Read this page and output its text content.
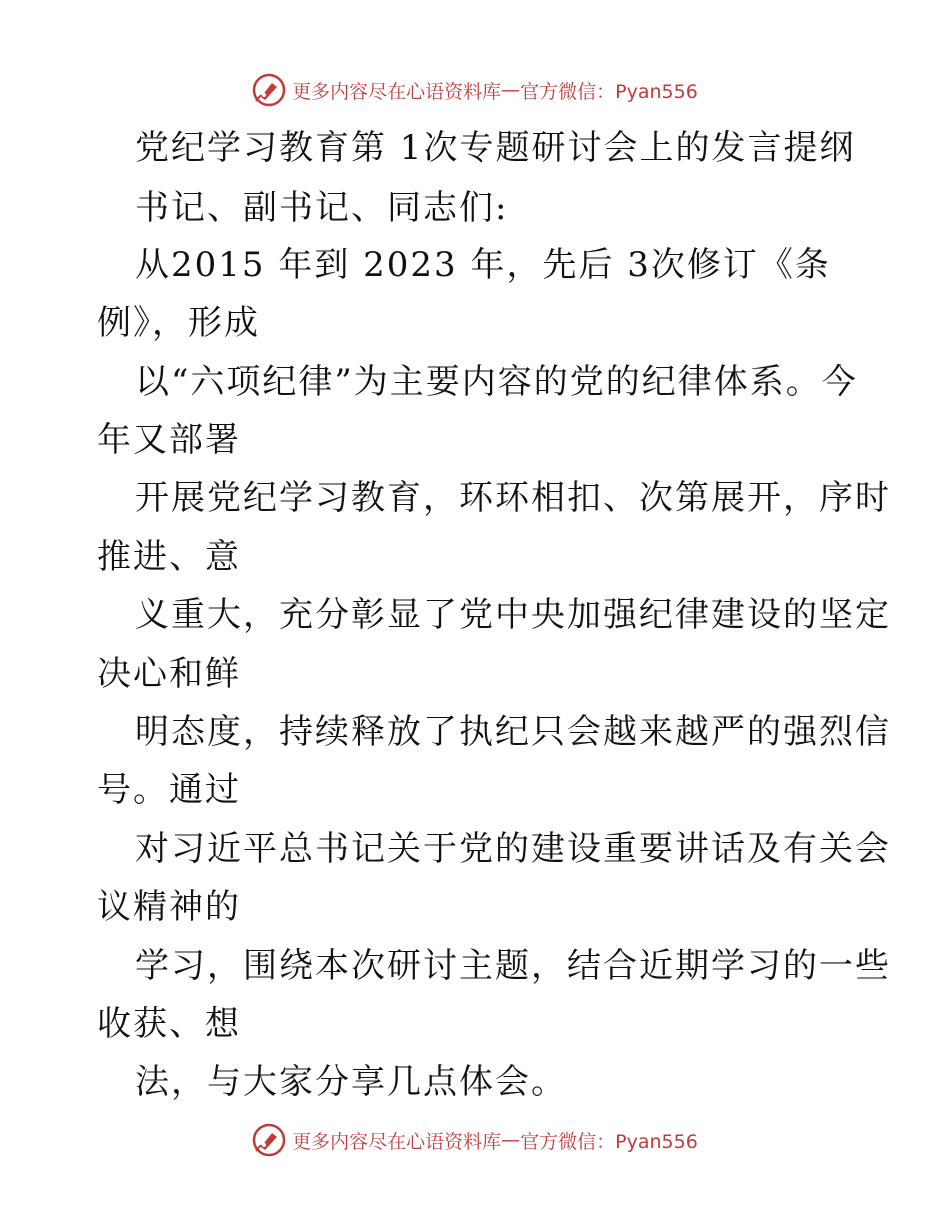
更多内容尽在心语资料库 — 官方微信：Pyan556
党纪学习教育第 1次专题研讨会上的发言提纲
书记、副书记、同志们:
从2015 年到 2023 年，先后 3次修订《条
例》，形成
以“六项纪律”为主要内容的党的纪律体系。今
年又部署
开展党纪学习教育，环环相扣、次第展开，序时
推进、意
义重大，充分彰显了党中央加强纪律建设的坚定
决心和鲜
明态度，持续释放了执纪只会越来越严的强烈信
号。通过
对习近平总书记关于党的建设重要讲话及有关会
议精神的
学习，围绕本次研讨主题，结合近期学习的一些
收获、想
法，与大家分享几点体会。
更多内容尽在心语资料库 — 官方微信：Pyan556
